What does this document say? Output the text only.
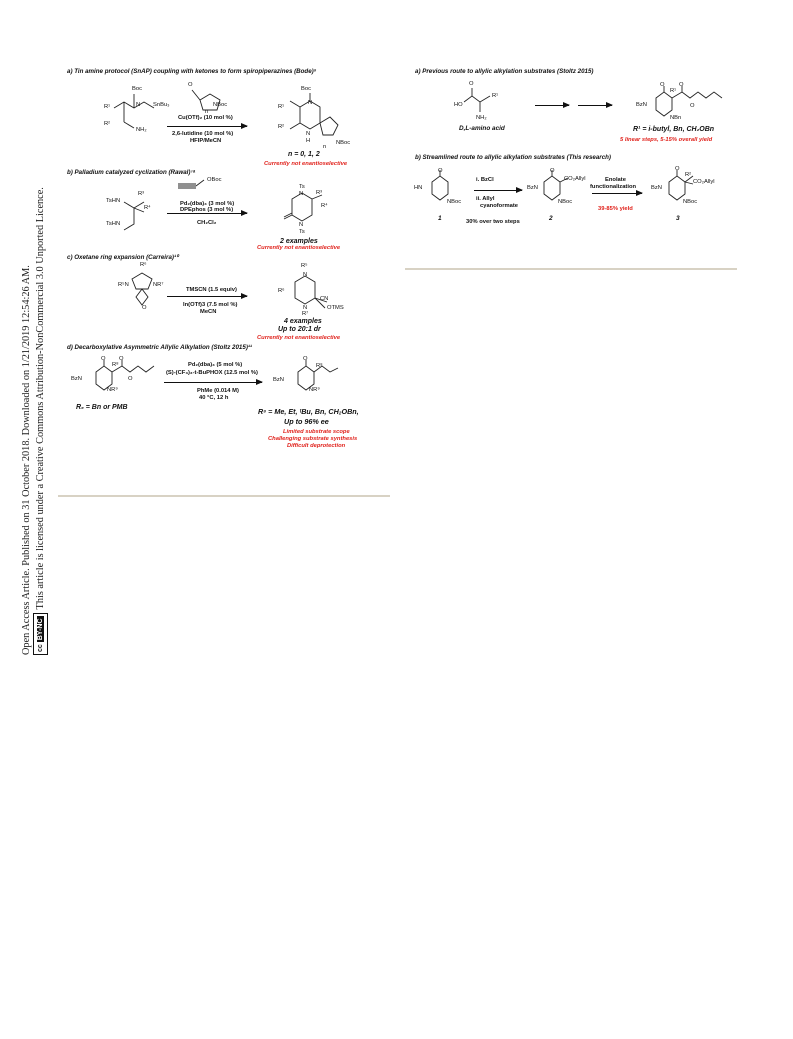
Open Access Article. Published on 31 October 2018. Downloaded on 1/21/2019 12:54:26 AM. cc BY-NCThis article is licensed under a Creative Commons Attribution-NonCommercial 3.0 Unported Licence.
a) Tin amine protocol (SnAP) coupling with ketones to form spiropiperazines (Bode)⁹
Boc
N SnBu₃
R¹
R²
NH₂
O
NBoc
n
Cu(OTf)₂ (10 mol %)
2,6-lutidine (10 mol %)
HFIP/MeCN
Boc
N
R¹
R²
N
H	NBoc
n
n = 0, 1, 2
Currently not enantioselective
b) Palladium catalyzed cyclization (Rawal)⁷ᵃ
TsHN
R³
R⁴
TsHN
OBoc
Pd₂(dba)₃ (3 mol %)
DPEphos (3 mol %)
CH₂Cl₂
Ts
N R³
R⁴
N
Ts
2 examples
Currently not enantioselective
c) Oxetane ring expansion (Carreira)¹⁰
R⁶
R⁵N	NR⁷
O
TMSCN (1.5 equiv)
In(OTf)3 (7.5 mol %)
MeCN
R⁵
N
R⁶
CN
OTMS
N
R⁷
4 examples
Up to 20:1 dr
Currently not enantioselective
d) Decarboxylative Asymmetric Allylic Alkylation (Stoltz 2015)¹¹
O
R⁸
O
BzN	O
NR⁹
R₉ = Bn or PMB
Pd₂(dba)₃ (5 mol %)
(S)-(CF₃)₃-t-BuPHOX (12.5 mol %)
PhMe (0.014 M)
40 °C, 12 h
O
R⁸
BzN
NR⁹
R⁸ = Me, Et, ᵗBu, Bn, CH₂OBn,
Up to 96% ee
Limited substrate scope
Challenging substrate synthesis
Difficult deprotection
a) Previous route to allylic alkylation substrates (Stoltz 2015)
O
HO
R¹
NH₂
D,L-amino acid
O
R¹
O
BzN	O
NBn
R¹ = i-butyl, Bn, CH₂OBn
5 linear steps, 5-15% overall yield
b) Streamlined route to allylic alkylation substrates (This research)
O
HN
NBoc
1
i. BzCl
ii. Allyl
cyanoformate
30% over two steps
O
CO₂Allyl
BzN
NBoc
2
Enolate
functionalization
39-85% yield
O
R²
CO₂Allyl
BzN
NBoc
3
